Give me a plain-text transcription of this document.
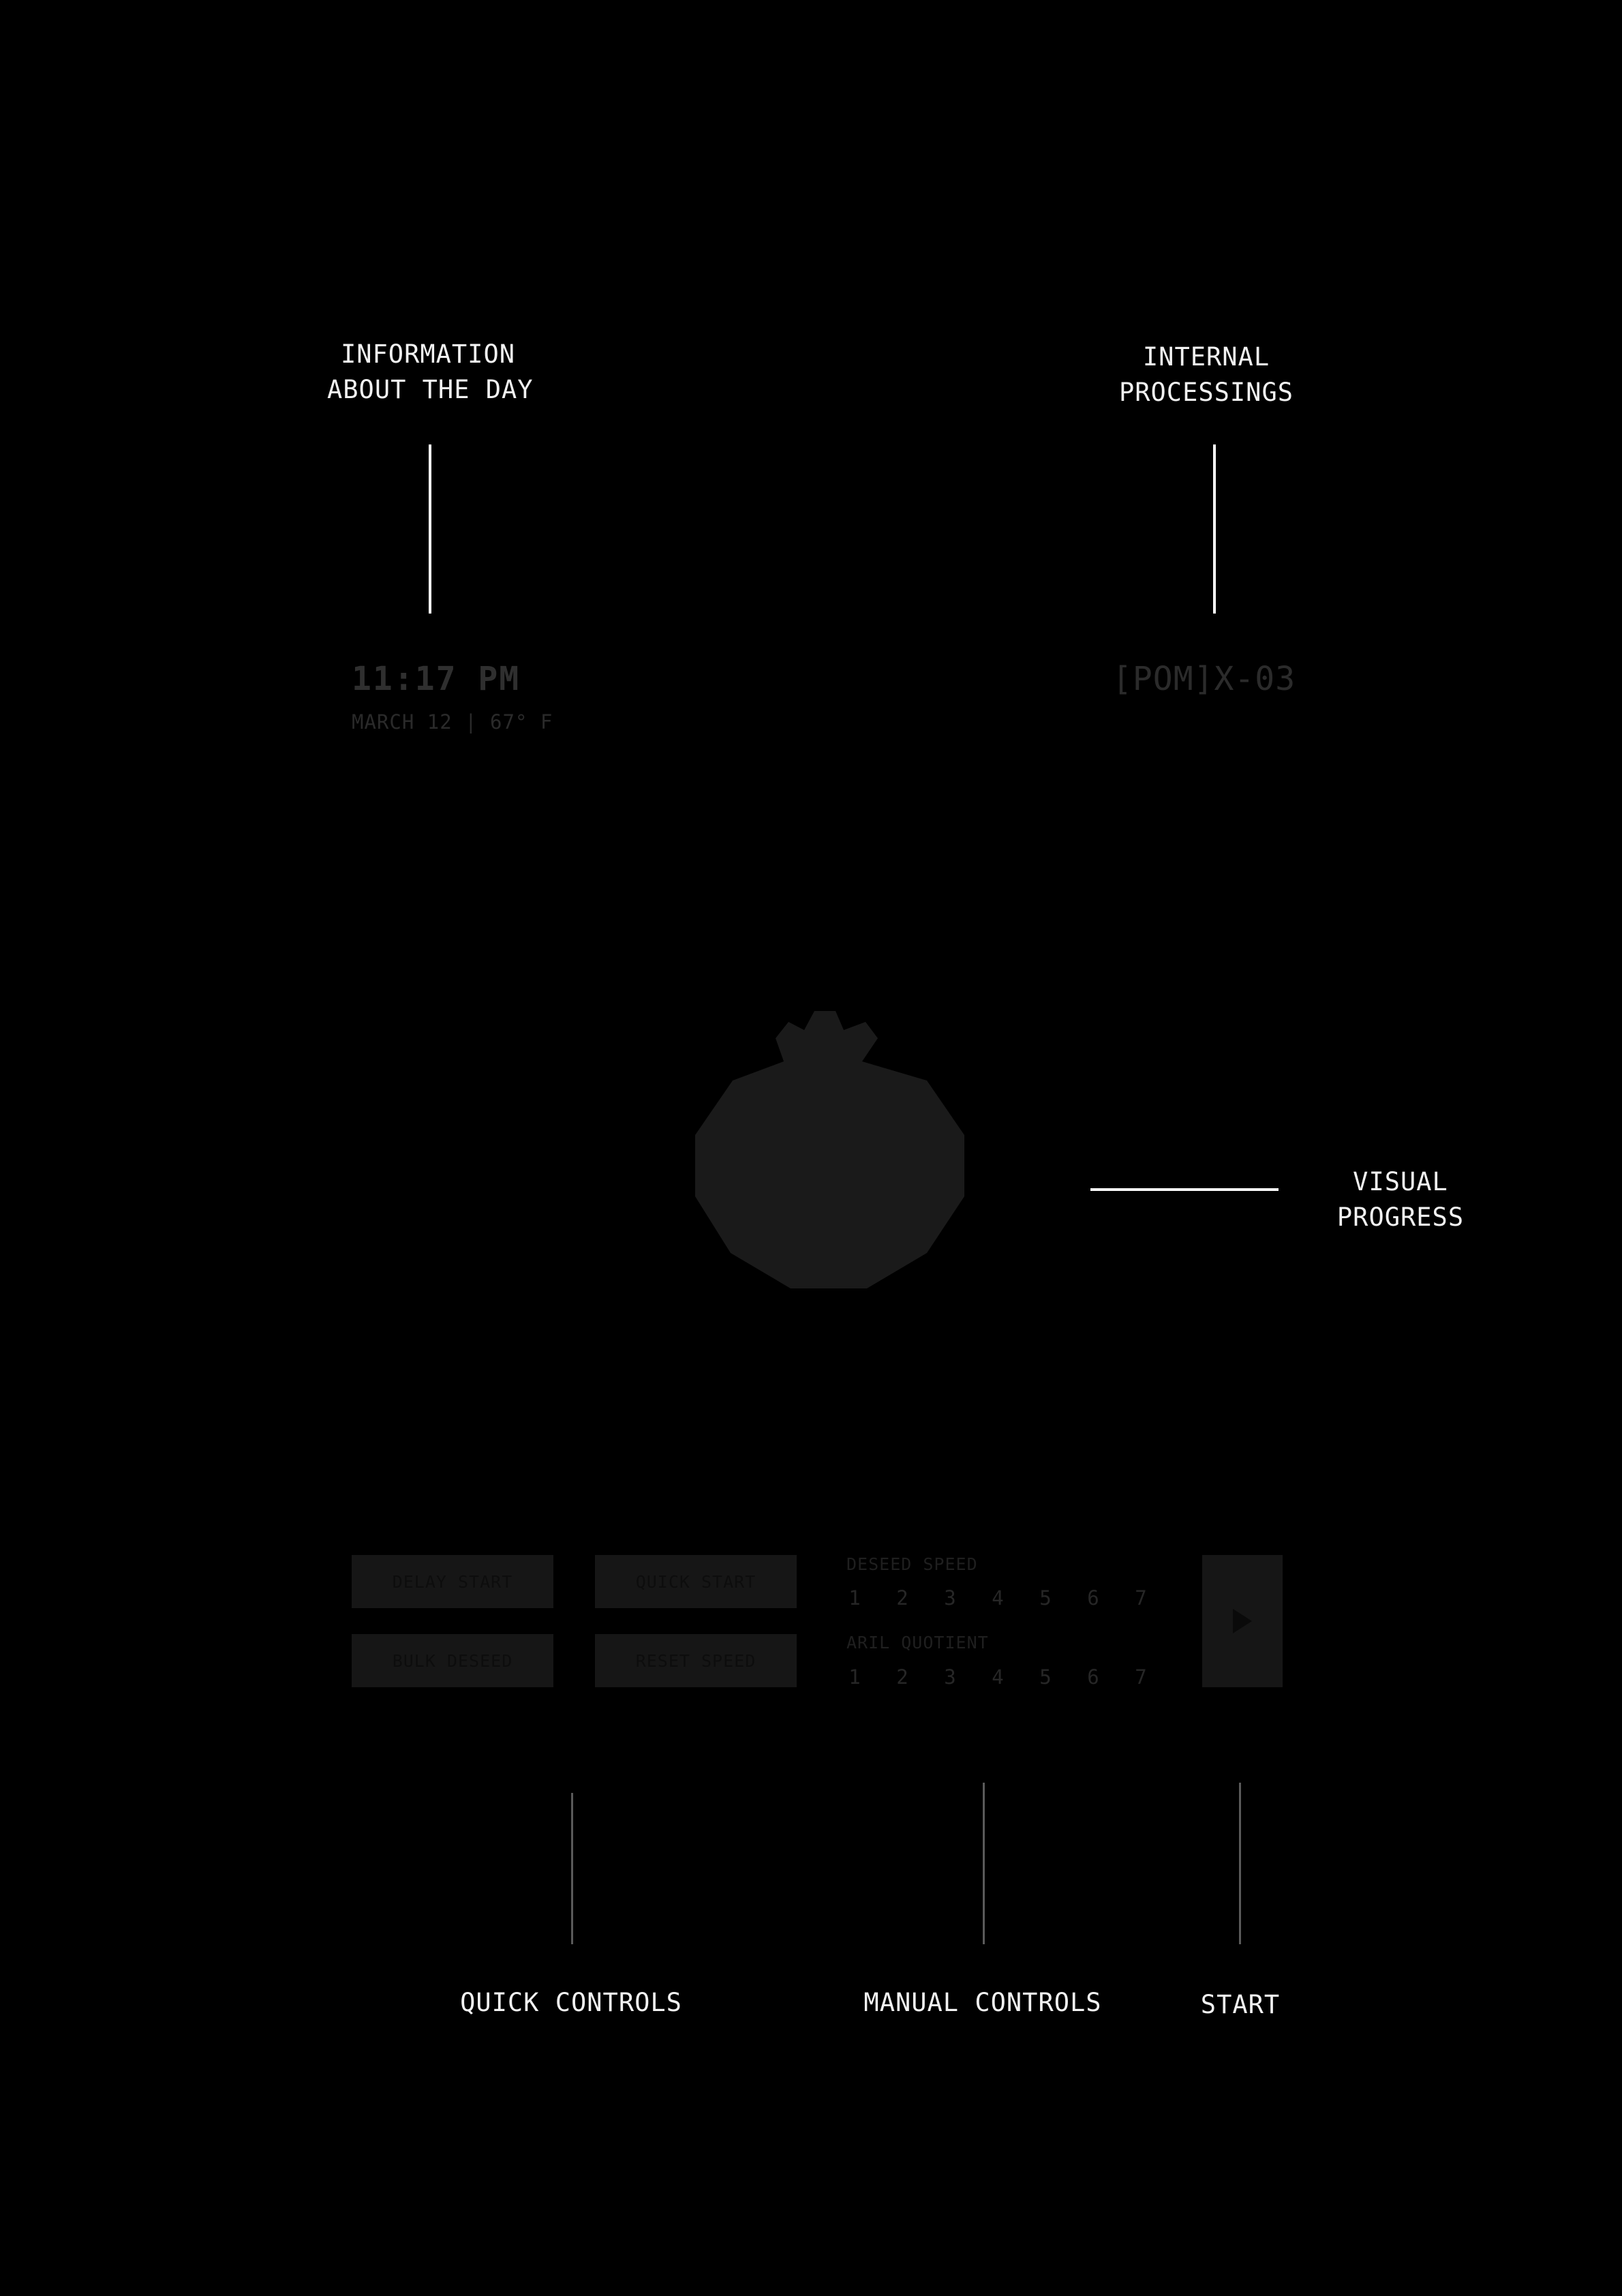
INFORMATION
ABOUT THE DAY
INTERNAL
PROCESSINGS
11:17 PM
MARCH 12 | 67° F
[POM]X-03
VISUAL
PROGRESS
DELAY START	QUICK START
BULK DESEED	RESET SPEED
DESEED SPEED
1	2	3	4	5	6	7
ARIL QUOTIENT
1	2	3	4	5	6	7
QUICK CONTROLS	MANUAL CONTROLS	START
